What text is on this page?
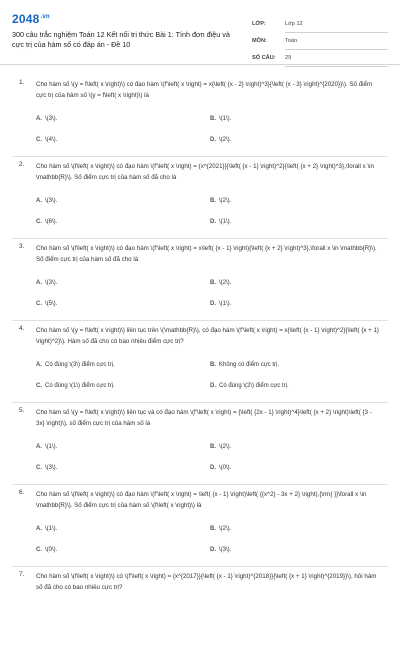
$2048^{.vn}$
300 câu trắc nghiệm Toán 12 Kết nối tri thức Bài 1: Tính đơn điệu và cực trị của hàm số có đáp án - Đề 10
LỚP:	Lớp 12
MÔN:	Toán
SỐ CÂU:	29
1. Cho hàm số \(y = f\left( x \right)\) có đạo hàm \(f'\left( x \right) = x{\left( {x - 2} \right)^3}{\left( {x - 3} \right)^{2020}}\). Số điểm cực trị của hàm số \(y = f\left( x \right)\) là
A. \(3\).	B. \(1\).
C. \(4\).	D. \(2\).
2. Cho hàm số \(f\left( x \right)\) có đạo hàm \(f'\left( x \right) = {x^{2021}}{\left( {x - 1} \right)^2}{\left( {x + 2} \right)^3},\forall x \in \mathbb{R}\). Số điểm cực trị của hàm số đã cho là
A. \(3\).	B. \(2\).
C. \(6\).	D. \(1\).
3. Cho hàm số \(f\left( x \right)\) có đạo hàm \(f'\left( x \right) = x\left( {x - 1} \right){\left( {x + 2} \right)^3},\forall x \in \mathbb{R}\). Số điểm cực trị của hàm số đã cho là
A. \(3\).	B. \(2\).
C. \(5\).	D. \(1\).
4. Cho hàm số \(y = f\left( x \right)\) liên tục trên \(\mathbb{R}\), có đạo hàm \(f'\left( x \right) = x{\left( {x - 1} \right)^2}{\left( {x + 1} \right)^2}\). Hàm số đã cho có bao nhiêu điểm cực trị?
A. Có đúng \(3\) điểm cực trị.	B. Không có điểm cực trị.
C. Có đúng \(1\) điểm cực trị.	D. Có đúng \(2\) điểm cực trị.
5. Cho hàm số \(y = f\left( x \right)\) liên tục và có đạo hàm \(f'\left( x \right) = {\left( {2x - 1} \right)^4}\left( {x + 2} \right)\left( {3 - 3x} \right)\), số điểm cực trị của hàm số là
A. \(1\).	B. \(2\).
C. \(3\).	D. \(0\).
6. Cho hàm số \(f\left( x \right)\) có đạo hàm \(f'\left( x \right) = \left( {x - 1} \right)\left( {{x^2} - 3x + 2} \right),{\rm{ }}\forall x \in \mathbb{R}\). Số điểm cực trị của hàm số \(f\left( x \right)\) là
A. \(1\).	B. \(2\).
C. \(0\).	D. \(3\).
7. Cho hàm số \(f\left( x \right)\) có \(f'\left( x \right) = {x^{2017}}{\left( {x - 1} \right)^{2018}}{\left( {x + 1} \right)^{2019}}\), hỏi hàm số đã cho có bao nhiêu cực trị?
